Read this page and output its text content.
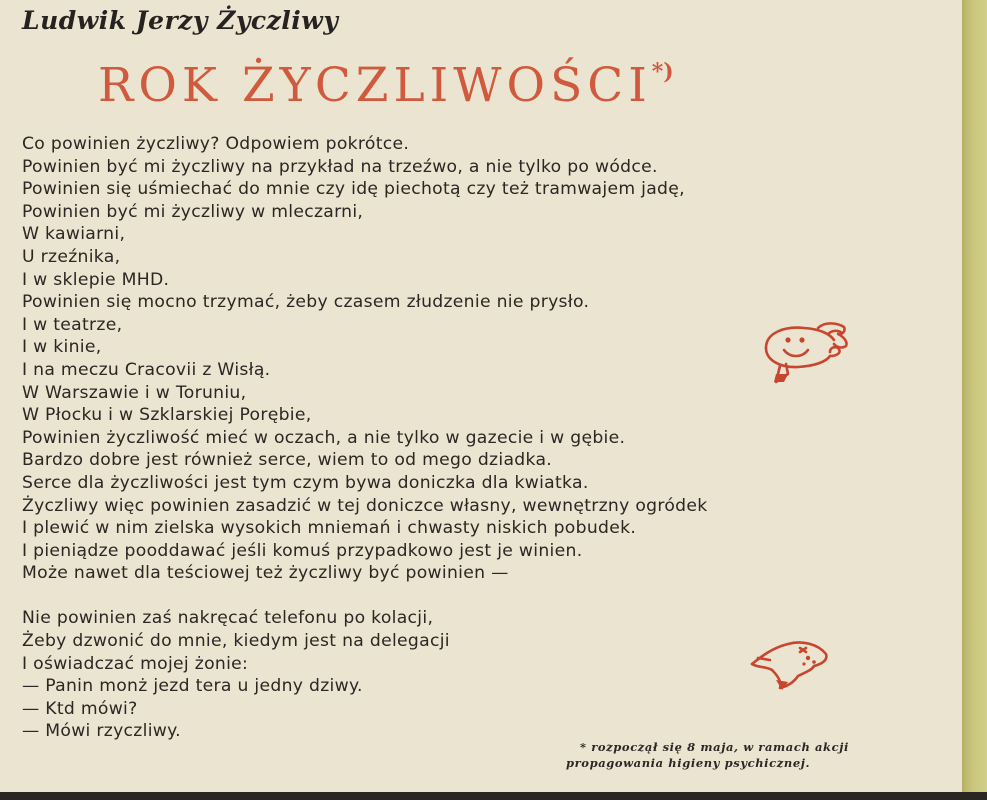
Ludwik Jerzy Życzliwy
ROK ŻYCZLIWOŚCI*)
Co powinien życzliwy? Odpowiem pokrótce.
Powinien być mi życzliwy na przykład na trzeźwo, a nie tylko po wódce.
Powinien się uśmiechać do mnie czy idę piechotą czy też tramwajem jadę,
Powinien być mi życzliwy w mleczarni,
W kawiarni,
U rzeźnika,
I w sklepie MHD.
Powinien się mocno trzymać, żeby czasem złudzenie nie prysło.
I w teatrze,
I w kinie,
I na meczu Cracovii z Wisłą.
W Warszawie i w Toruniu,
W Płocku i w Szklarskiej Porębie,
Powinien życzliwość mieć w oczach, a nie tylko w gazecie i w gębie.
Bardzo dobre jest również serce, wiem to od mego dziadka.
Serce dla życzliwości jest tym czym bywa doniczka dla kwiatka.
Życzliwy więc powinien zasadzić w tej doniczce własny, wewnętrzny ogródek
I plewić w nim zielska wysokich mniemań i chwasty niskich pobudek.
I pieniądze pooddawać jeśli komuś przypadkowo jest je winien.
Może nawet dla teściowej też życzliwy być powinien —
Nie powinien zaś nakręcać telefonu po kolacji,
Żeby dzwonić do mnie, kiedym jest na delegacji
I oświadczać mojej żonie:
— Panin monż jezd tera u jedny dziwy.
— Ktd mówi?
— Mówi rzyczliwy.
* rozpoczął się 8 maja, w ramach akcji
propagowania higieny psychicznej.
